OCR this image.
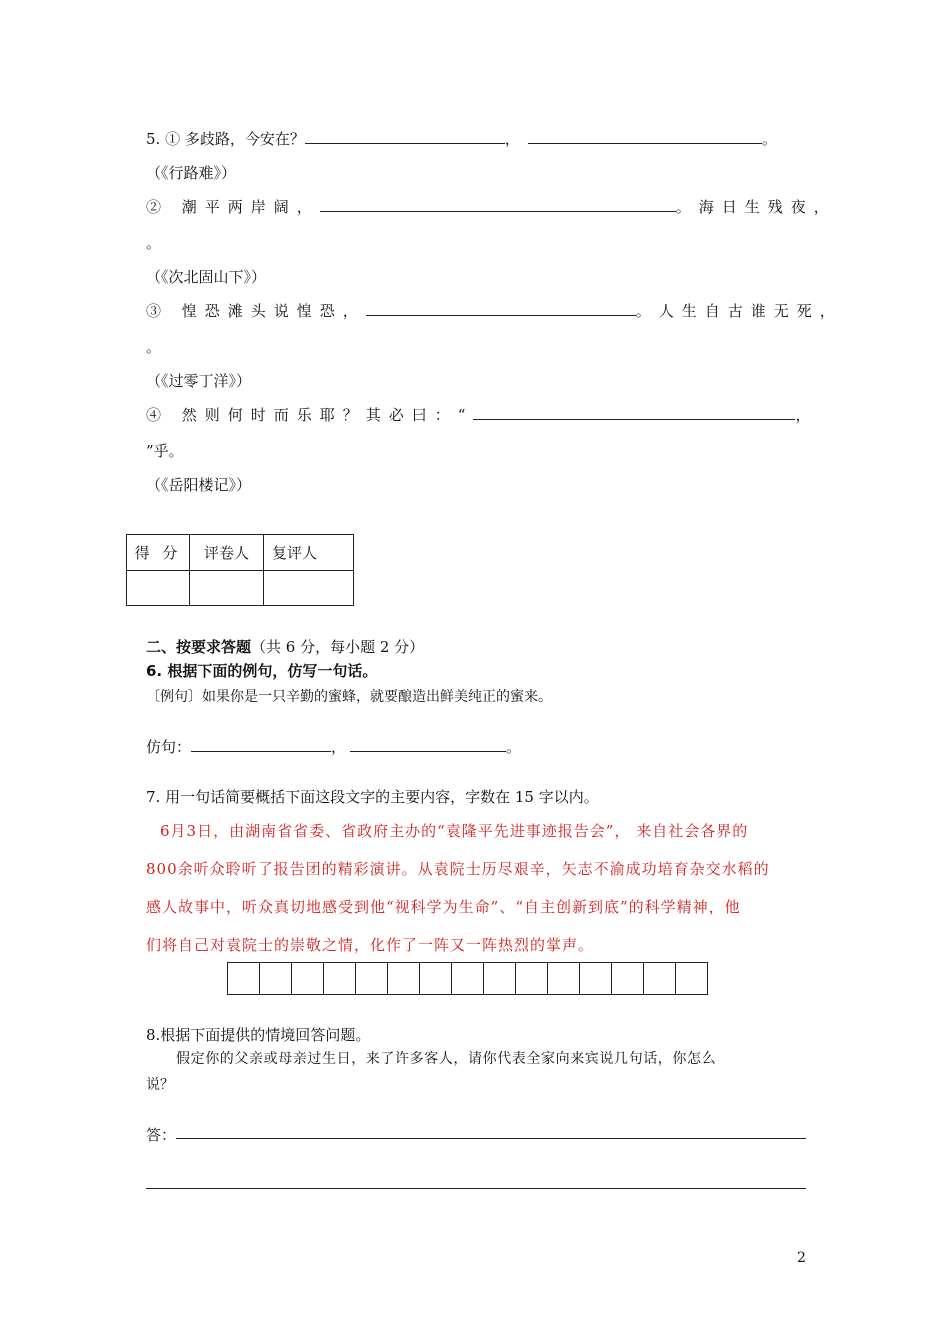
5. ① 多歧路，今安在？	，	。
（《行路难》）
② 潮平两岸阔，	。海日生残夜，
。
（《次北固山下》）
③ 惶恐滩头说惶恐，	。人生自古谁无死，
。
（《过零丁洋》）
④ 然则何时而乐耶？其必曰：“	，
”乎。
（《岳阳楼记》）
得 分	评卷人	复评人

二、按要求答题（共 6 分，每小题 2 分）
6. 根据下面的例句，仿写一句话。
〔例句〕如果你是一只辛勤的蜜蜂，就要酿造出鲜美纯正的蜜来。
仿句：	，	。
7. 用一句话简要概括下面这段文字的主要内容，字数在 15 字以内。
6月3日，由湖南省省委、省政府主办的“袁隆平先进事迹报告会”， 来自社会各界的
800余听众聆听了报告团的精彩演讲。从袁院士历尽艰辛，矢志不渝成功培育杂交水稻的
感人故事中，听众真切地感受到他“视科学为生命”、“自主创新到底”的科学精神，他
们将自己对袁院士的崇敬之情，化作了一阵又一阵热烈的掌声。
8.根据下面提供的情境回答问题。
假定你的父亲或母亲过生日，来了许多客人，请你代表全家向来宾说几句话，你怎么
说？
答：
2
